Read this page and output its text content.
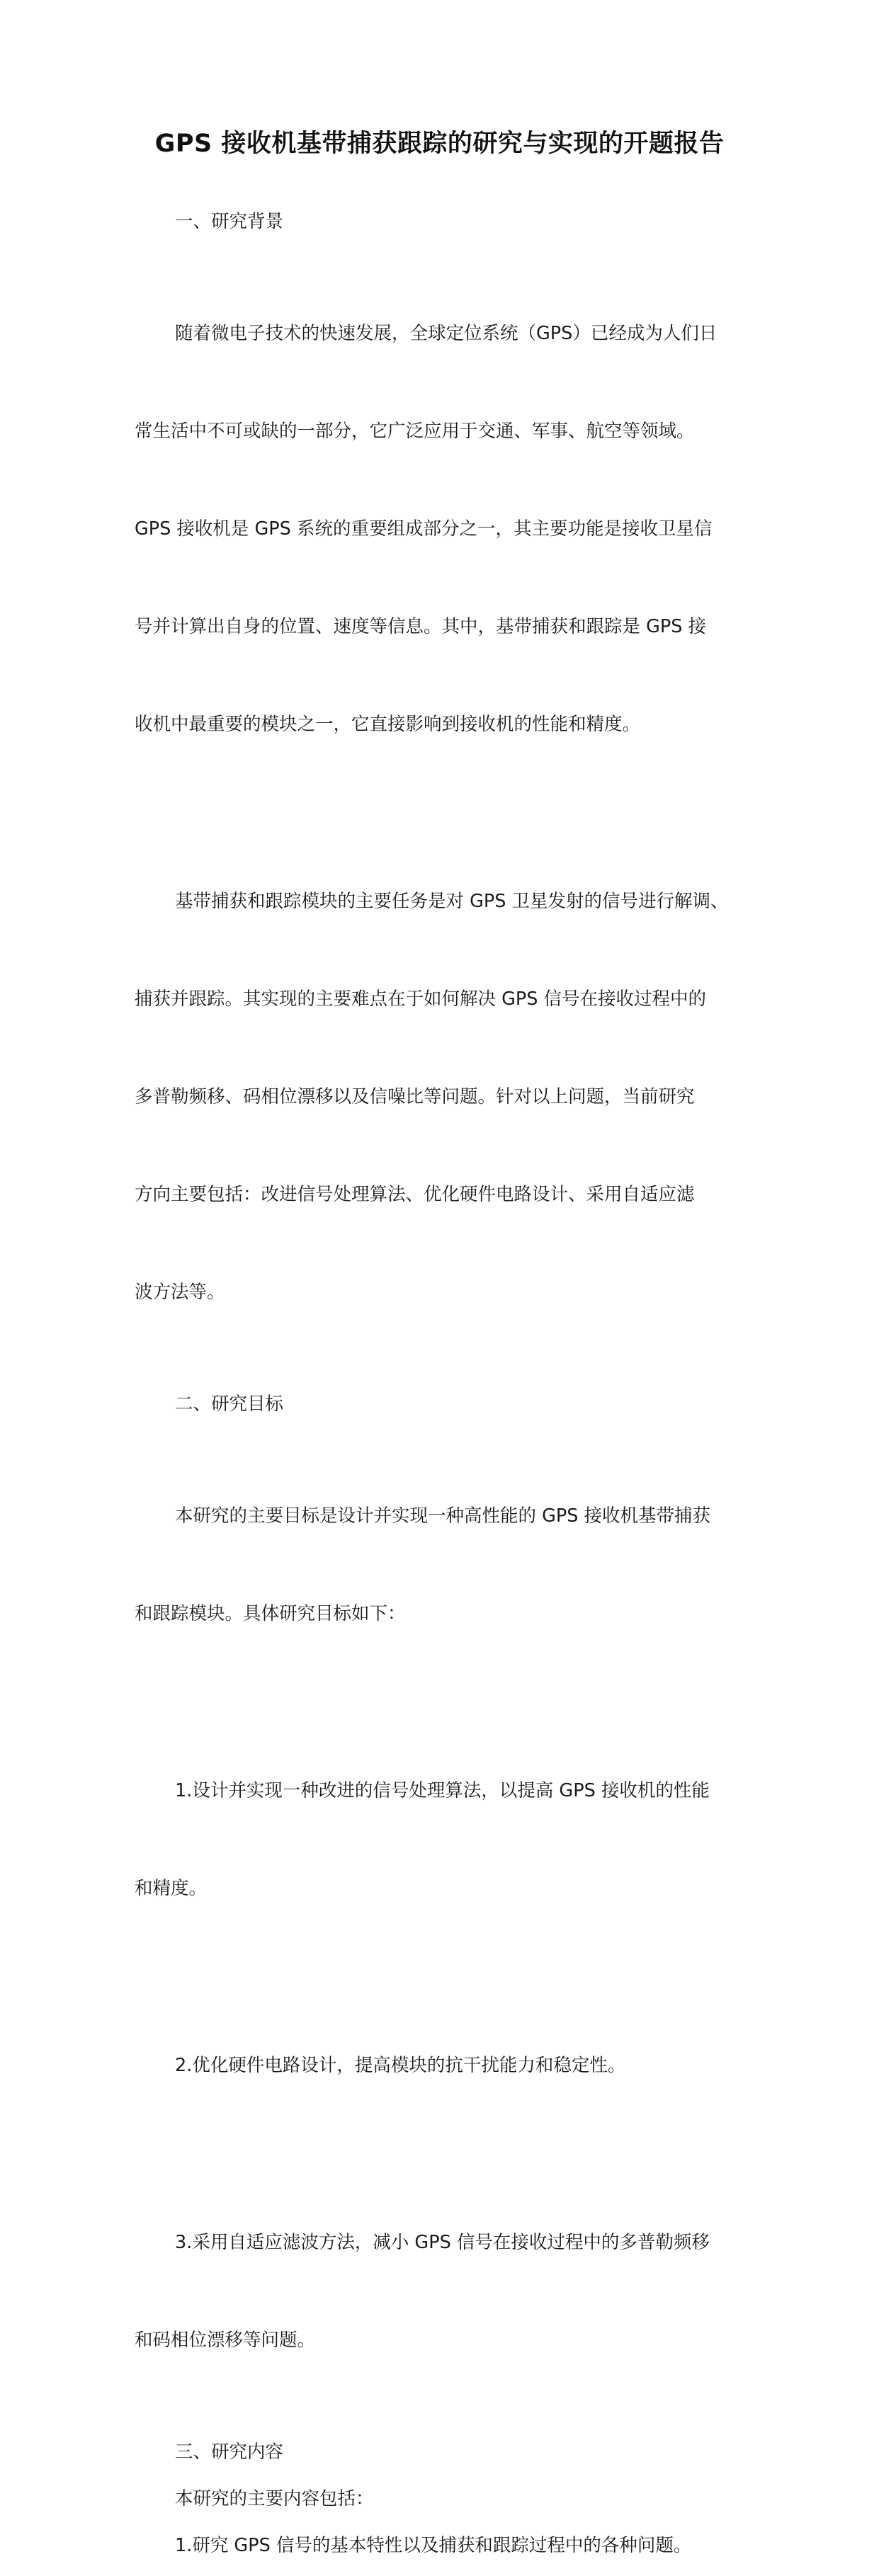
GPS 接收机基带捕获跟踪的研究与实现的开题报告
一、研究背景

随着微电子技术的快速发展，全球定位系统（GPS）已经成为人们日

常生活中不可或缺的一部分，它广泛应用于交通、军事、航空等领域。

GPS 接收机是 GPS 系统的重要组成部分之一，其主要功能是接收卫星信

号并计算出自身的位置、速度等信息。其中，基带捕获和跟踪是 GPS 接

收机中最重要的模块之一，它直接影响到接收机的性能和精度。

基带捕获和跟踪模块的主要任务是对 GPS 卫星发射的信号进行解调、

捕获并跟踪。其实现的主要难点在于如何解决 GPS 信号在接收过程中的

多普勒频移、码相位漂移以及信噪比等问题。针对以上问题，当前研究

方向主要包括：改进信号处理算法、优化硬件电路设计、采用自适应滤

波方法等。

二、研究目标

本研究的主要目标是设计并实现一种高性能的 GPS 接收机基带捕获

和跟踪模块。具体研究目标如下：

1.设计并实现一种改进的信号处理算法，以提高 GPS 接收机的性能

和精度。

2.优化硬件电路设计，提高模块的抗干扰能力和稳定性。

3.采用自适应滤波方法，减小 GPS 信号在接收过程中的多普勒频移

和码相位漂移等问题。

三、研究内容
本研究的主要内容包括：
1.研究 GPS 信号的基本特性以及捕获和跟踪过程中的各种问题。
